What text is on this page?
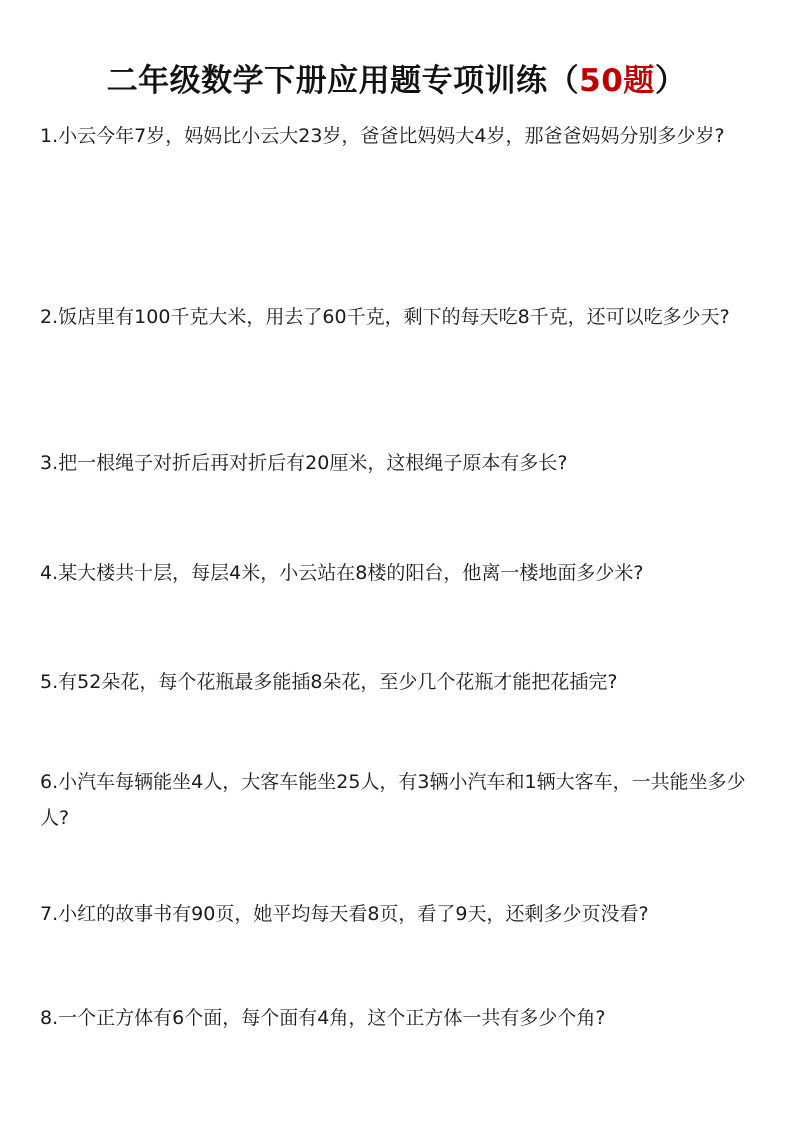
二年级数学下册应用题专项训练（50题）
1.小云今年7岁，妈妈比小云大23岁，爸爸比妈妈大4岁，那爸爸妈妈分别多少岁?
2.饭店里有100千克大米，用去了60千克，剩下的每天吃8千克，还可以吃多少天?
3.把一根绳子对折后再对折后有20厘米，这根绳子原本有多长?
4.某大楼共十层，每层4米，小云站在8楼的阳台，他离一楼地面多少米?
5.有52朵花，每个花瓶最多能插8朵花，至少几个花瓶才能把花插完?
6.小汽车每辆能坐4人，大客车能坐25人，有3辆小汽车和1辆大客车，一共能坐多少人?
7.小红的故事书有90页，她平均每天看8页，看了9天，还剩多少页没看?
8.一个正方体有6个面，每个面有4角，这个正方体一共有多少个角?
